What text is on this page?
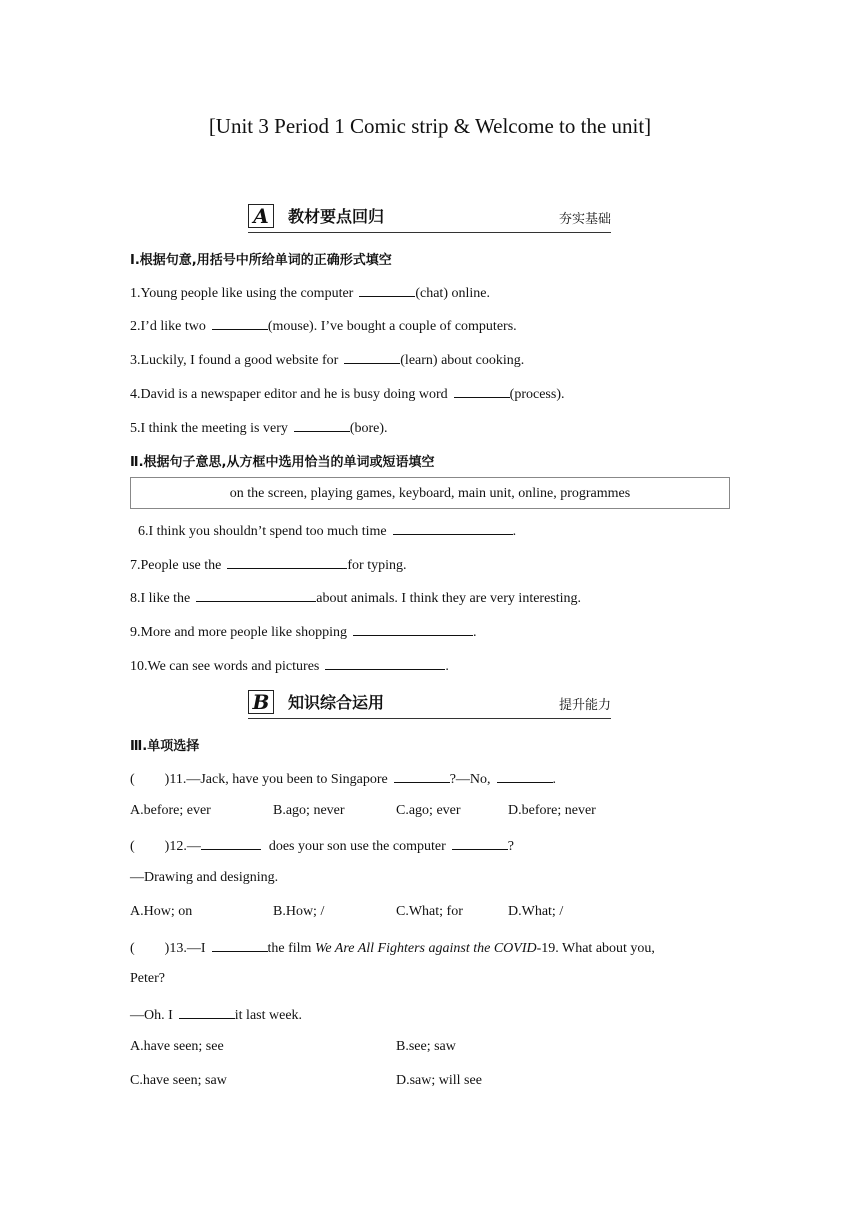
[Unit 3 Period 1 Comic strip & Welcome to the unit]
A	教材要点回归	夯实基础
Ⅰ.根据句意,用括号中所给单词的正确形式填空
1.Young people like using the computer	(chat) online.
2.I’d like two	(mouse). I’ve bought a couple of computers.
3.Luckily, I found a good website for	(learn) about cooking.
4.David is a newspaper editor and he is busy doing word	(process).
5.I think the meeting is very	(bore).
Ⅱ.根据句子意思,从方框中选用恰当的单词或短语填空
on the screen, playing games, keyboard, main unit, online, programmes
6.I think you shouldn’t spend too much time	.
7.People use the	for typing.
8.I like the	about animals. I think they are very interesting.
9.More and more people like shopping	.
10.We can see words and pictures	.
B 知识综合运用	提升能力
Ⅲ.单项选择
( )11.—Jack, have you been to Singapore	?—No,	.
A.before; ever	B.ago; never	C.ago; ever	D.before; never
( )12.—	does your son use the computer	?
—Drawing and designing.
A.How; on	B.How; /	C.What; for	D.What; /
( )13.—I	the film We Are All Fighters against the COVID-19. What about you,
Peter?
—Oh. I	it last week.
A.have seen; see	B.see; saw
C.have seen; saw	D.saw; will see
